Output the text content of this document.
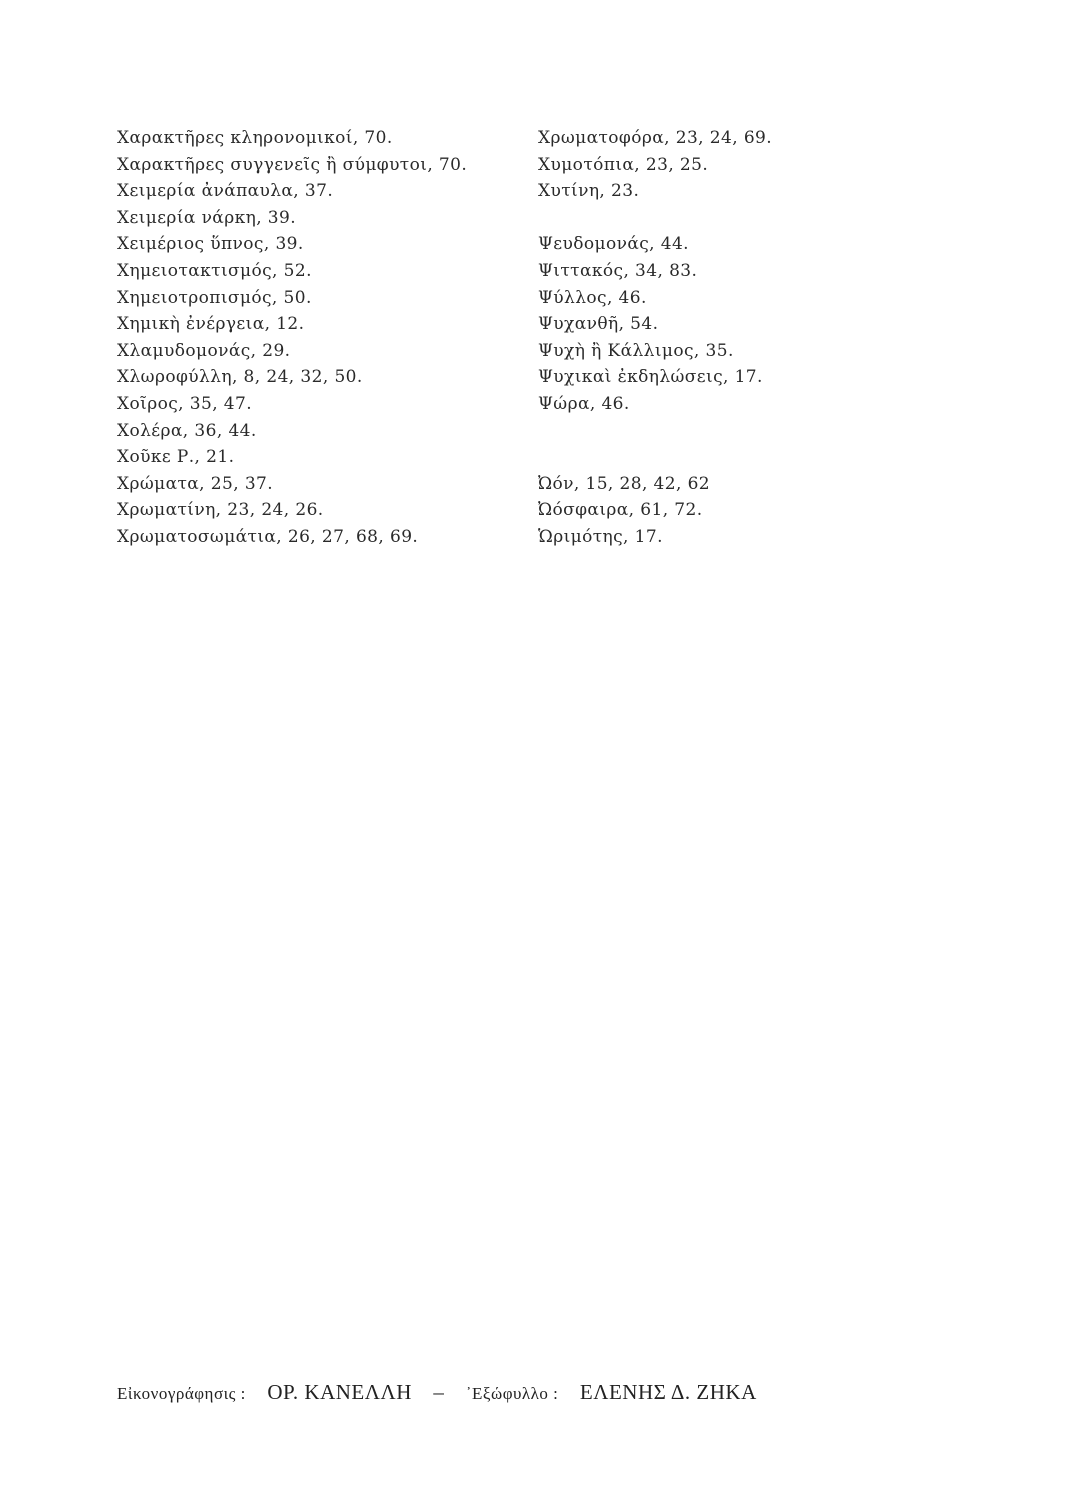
Χαρακτῆρες κληρονομικοί, 70.
Χαρακτῆρες συγγενεῖς ἢ σύμφυτοι, 70.
Χειμερία ἀνάπαυλα, 37.
Χειμερία νάρκη, 39.
Χειμέριος ὕπνος, 39.
Χημειοτακτισμός, 52.
Χημειοτροπισμός, 50.
Χημικὴ ἐνέργεια, 12.
Χλαμυδομονάς, 29.
Χλωροφύλλη, 8, 24, 32, 50.
Χοῖρος, 35, 47.
Χολέρα, 36, 44.
Χοῦκε Ρ., 21.
Χρώματα, 25, 37.
Χρωματίνη, 23, 24, 26.
Χρωματοσωμάτια, 26, 27, 68, 69.
Χρωματοφόρα, 23, 24, 69.
Χυμοτόπια, 23, 25.
Χυτίνη, 23.
Ψευδομονάς, 44.
Ψιττακός, 34, 83.
Ψύλλος, 46.
Ψυχανθῆ, 54.
Ψυχὴ ἢ Κάλλιμος, 35.
Ψυχικαὶ ἐκδηλώσεις, 17.
Ψώρα, 46.
Ὠόν, 15, 28, 42, 62
Ὠόσφαιρα, 61, 72.
Ὡριμότης, 17.
Εἰκονογράφησις : ΟΡ. ΚΑΝΕΛΛΗ – ᾿Εξώφυλλο : ΕΛΕΝΗΣ Δ. ΖΗΚΑ
